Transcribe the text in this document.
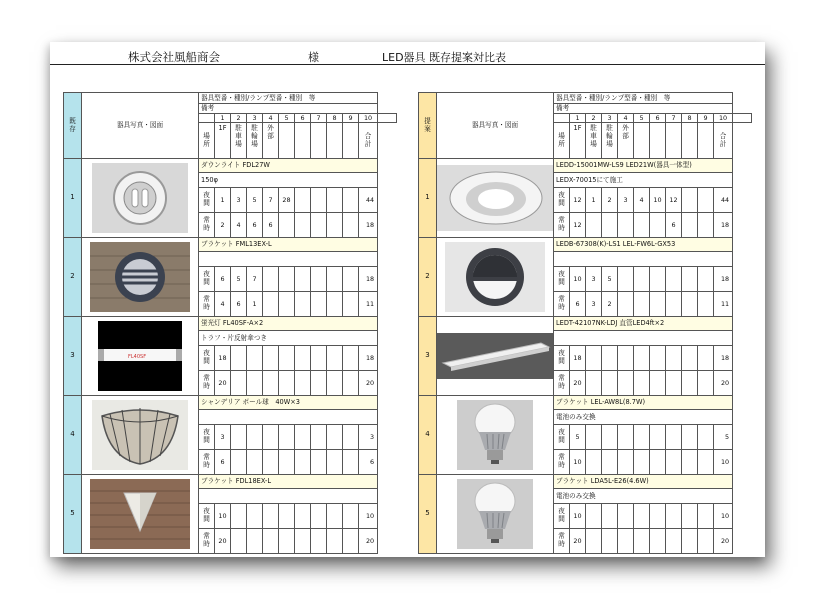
株式会社風船商会	様	LED器具 既存提案対比表
既存	器具写真・図面	器具型番・種別/ランプ型番・種別　等											
		備考											
			1	2	3	4	5	6	7	8	9	10	

		場所	1F	駐車場	駐輪場	外部						合計	

1		ダウンライト FDL27W											
		150φ											

		夜間	1	3	5	7	28					44	

		常時	2	4	6	6						18	
2		ブラケット FML13EX-L											

		夜間	6	5	7							18	

		常時	4	6	1							11	
3	FL40SF	蛍光灯 FL40SF-A×2											
		トラフ・片反射傘つき											

		夜間	18									18	

		常時	20									20	
4		シャンデリア ボール球　40W×3											

		夜間	3									3	

		常時	6									6	
5		ブラケット FDL18EX-L											

		夜間	10									10	

		常時	20									20	
提案	器具写真・図面	器具型番・種別/ランプ型番・種別　等											
		備考											
			1	2	3	4	5	6	7	8	9	10	

		場所	1F	駐車場	駐輪場	外部						合計	

1		LEDD-15001MW-LS9 LED21W(器具一体型)											
		LEDX-70015にて施工											

		夜間	12	1	2	3	4	10	12			44	

		常時	12						6			18	
2		LEDB-67308(K)-LS1 LEL-FW6L-GX53											

		夜間	10	3	5							18	

		常時	6	3	2							11	
3		LEDT-42107NK-LDJ 直管LED4ft×2											

		夜間	18									18	

		常時	20									20	
4		ブラケット LEL-AW8L(8.7W)											
		電池のみ交換											

		夜間	5									5	

		常時	10									10	
5		ブラケット LDA5L-E26(4.6W)											
		電池のみ交換											

		夜間	10									10	

		常時	20									20	
